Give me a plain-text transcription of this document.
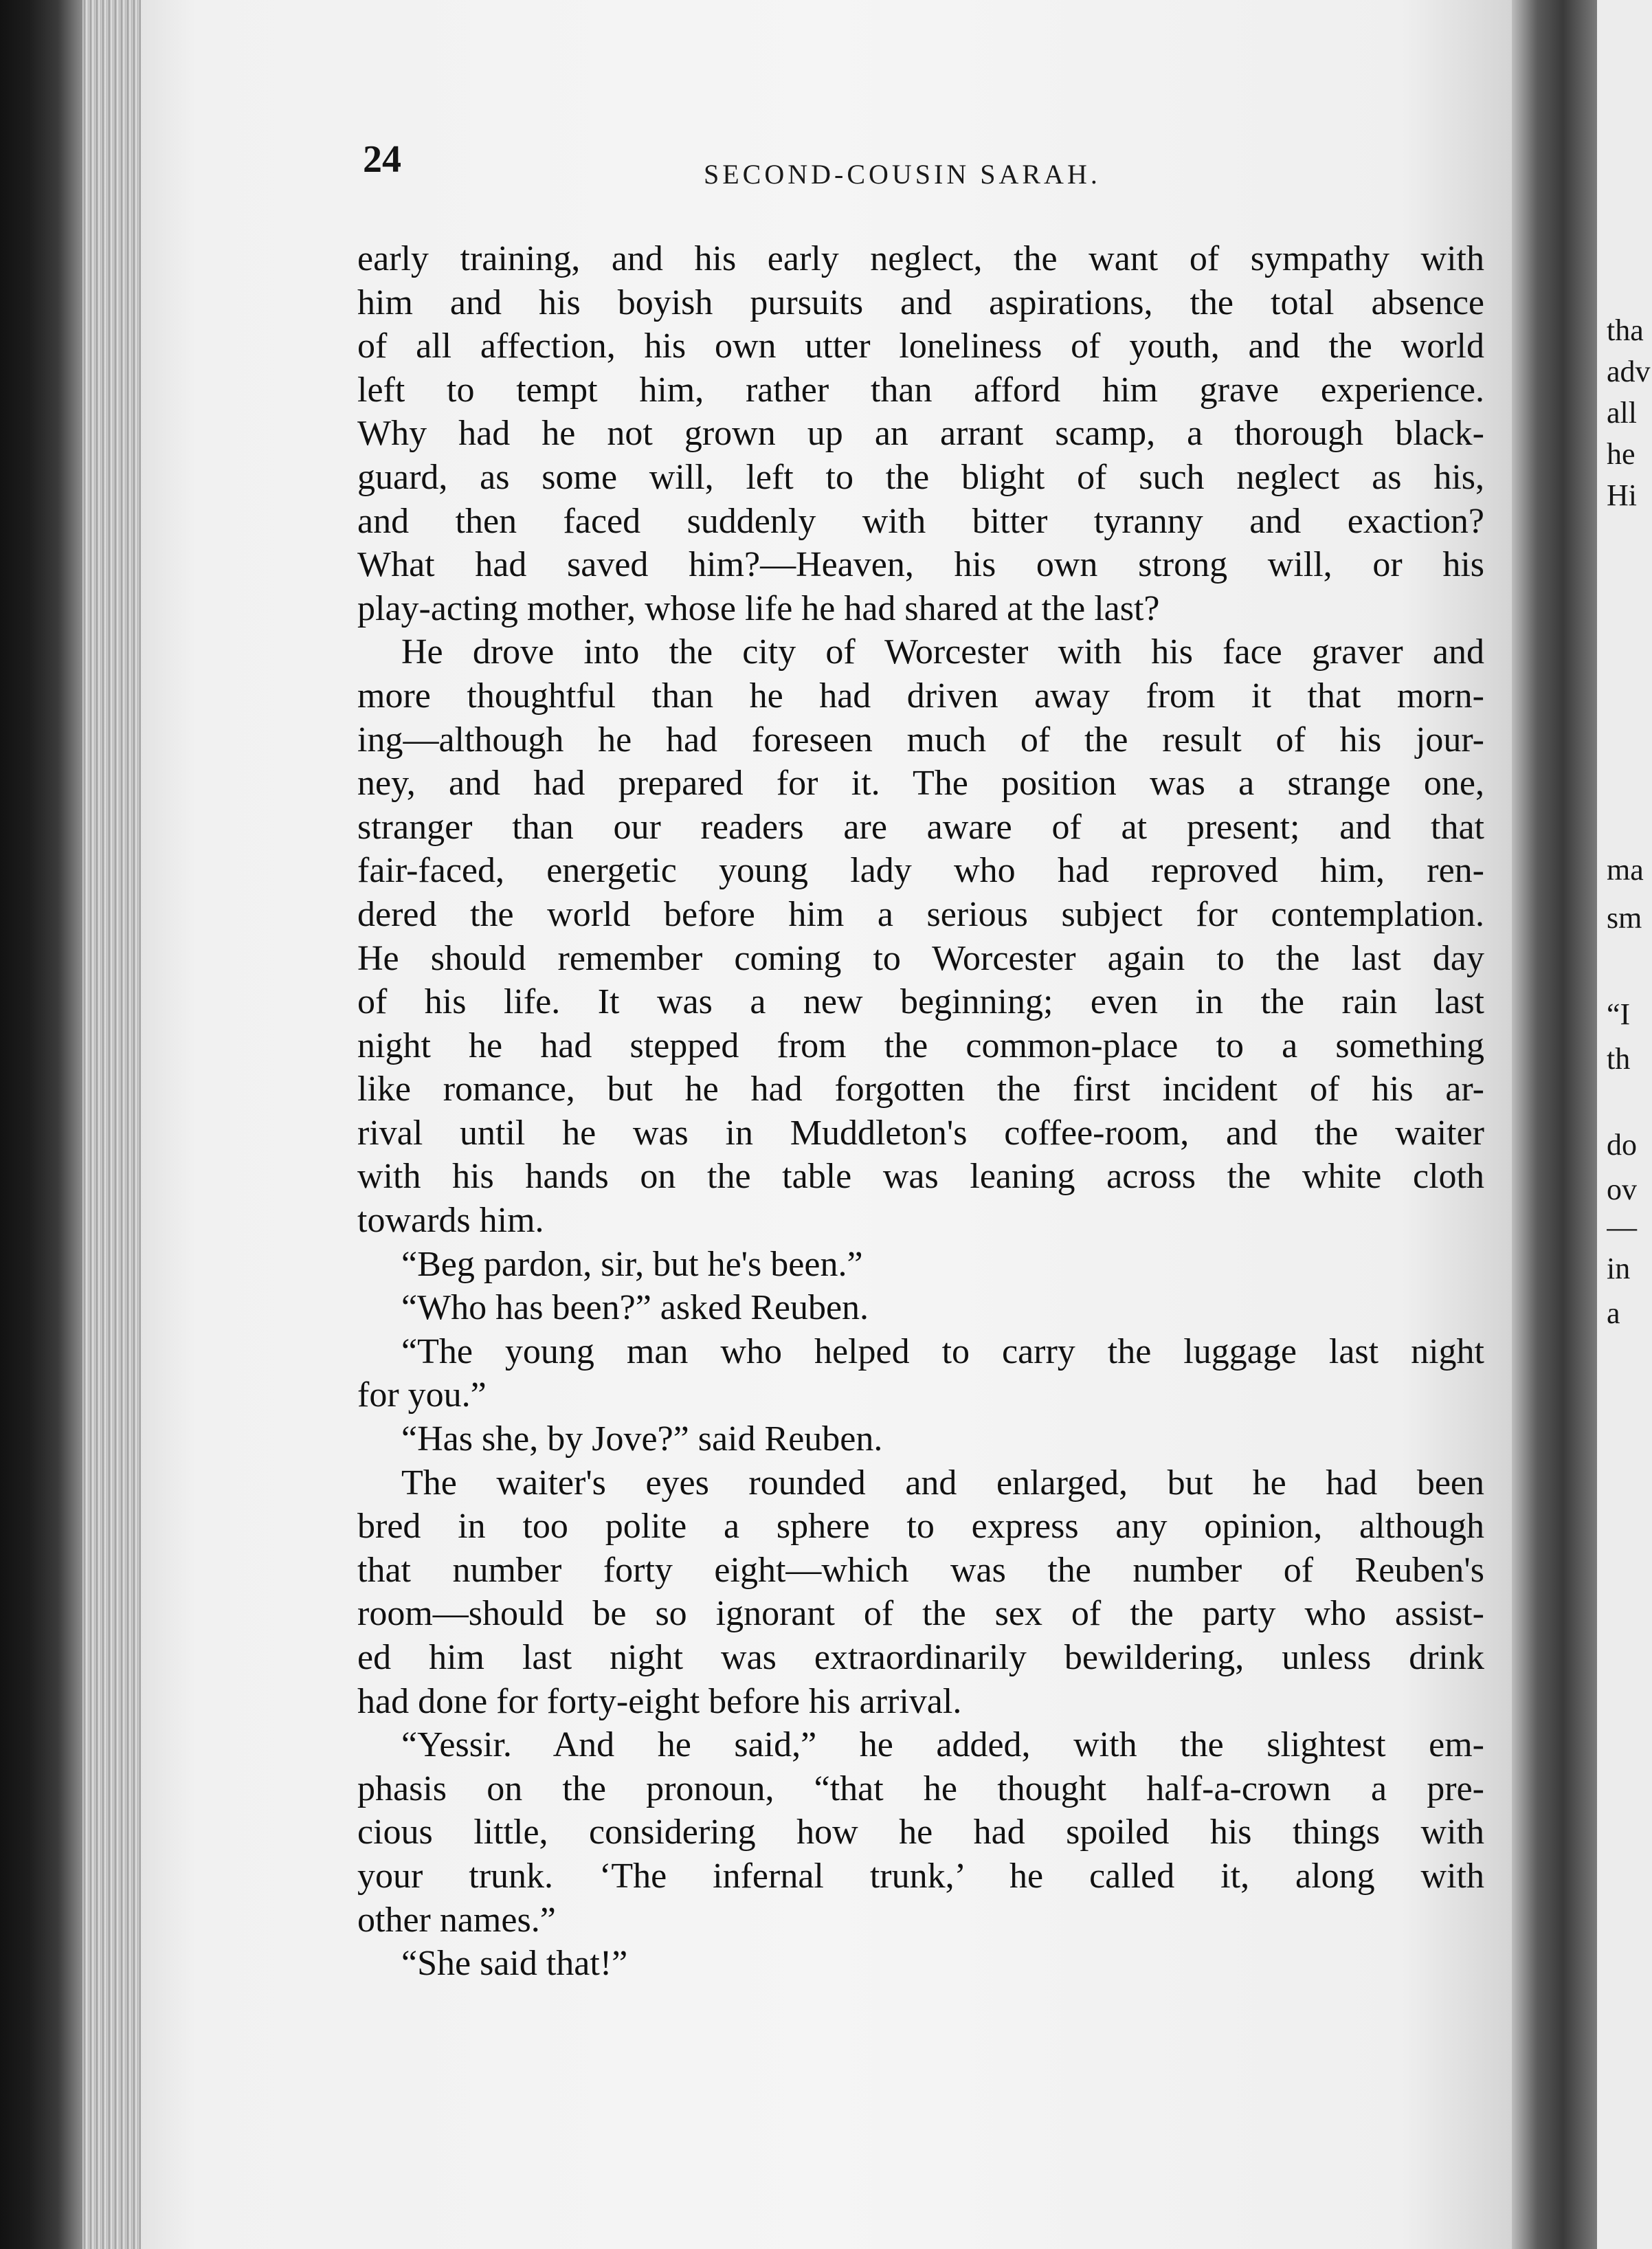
24	SECOND-COUSIN SARAH.
early training, and his early neglect, the want of sympathy with
him and his boyish pursuits and aspirations, the total absence
of all affection, his own utter loneliness of youth, and the world
left to tempt him, rather than afford him grave experience.
Why had he not grown up an arrant scamp, a thorough black-
guard, as some will, left to the blight of such neglect as his,
and then faced suddenly with bitter tyranny and exaction?
What had saved him?—Heaven, his own strong will, or his
play-acting mother, whose life he had shared at the last?
He drove into the city of Worcester with his face graver and
more thoughtful than he had driven away from it that morn-
ing—although he had foreseen much of the result of his jour-
ney, and had prepared for it. The position was a strange one,
stranger than our readers are aware of at present; and that
fair-faced, energetic young lady who had reproved him, ren-
dered the world before him a serious subject for contemplation.
He should remember coming to Worcester again to the last day
of his life. It was a new beginning; even in the rain last
night he had stepped from the common-place to a something
like romance, but he had forgotten the first incident of his ar-
rival until he was in Muddleton's coffee-room, and the waiter
with his hands on the table was leaning across the white cloth
towards him.
“Beg pardon, sir, but he's been.”
“Who has been?” asked Reuben.
“The young man who helped to carry the luggage last night
for you.”
“Has she, by Jove?” said Reuben.
The waiter's eyes rounded and enlarged, but he had been
bred in too polite a sphere to express any opinion, although
that number forty eight—which was the number of Reuben's
room—should be so ignorant of the sex of the party who assist-
ed him last night was extraordinarily bewildering, unless drink
had done for forty-eight before his arrival.
“Yessir. And he said,” he added, with the slightest em-
phasis on the pronoun, “that he thought half-a-crown a pre-
cious little, considering how he had spoiled his things with
your trunk. ‘The infernal trunk,’ he called it, along with
other names.”
“She said that!”
tha
adv
all
he
Hi
ma
sm
“I
th
do
ov
—
in
a
